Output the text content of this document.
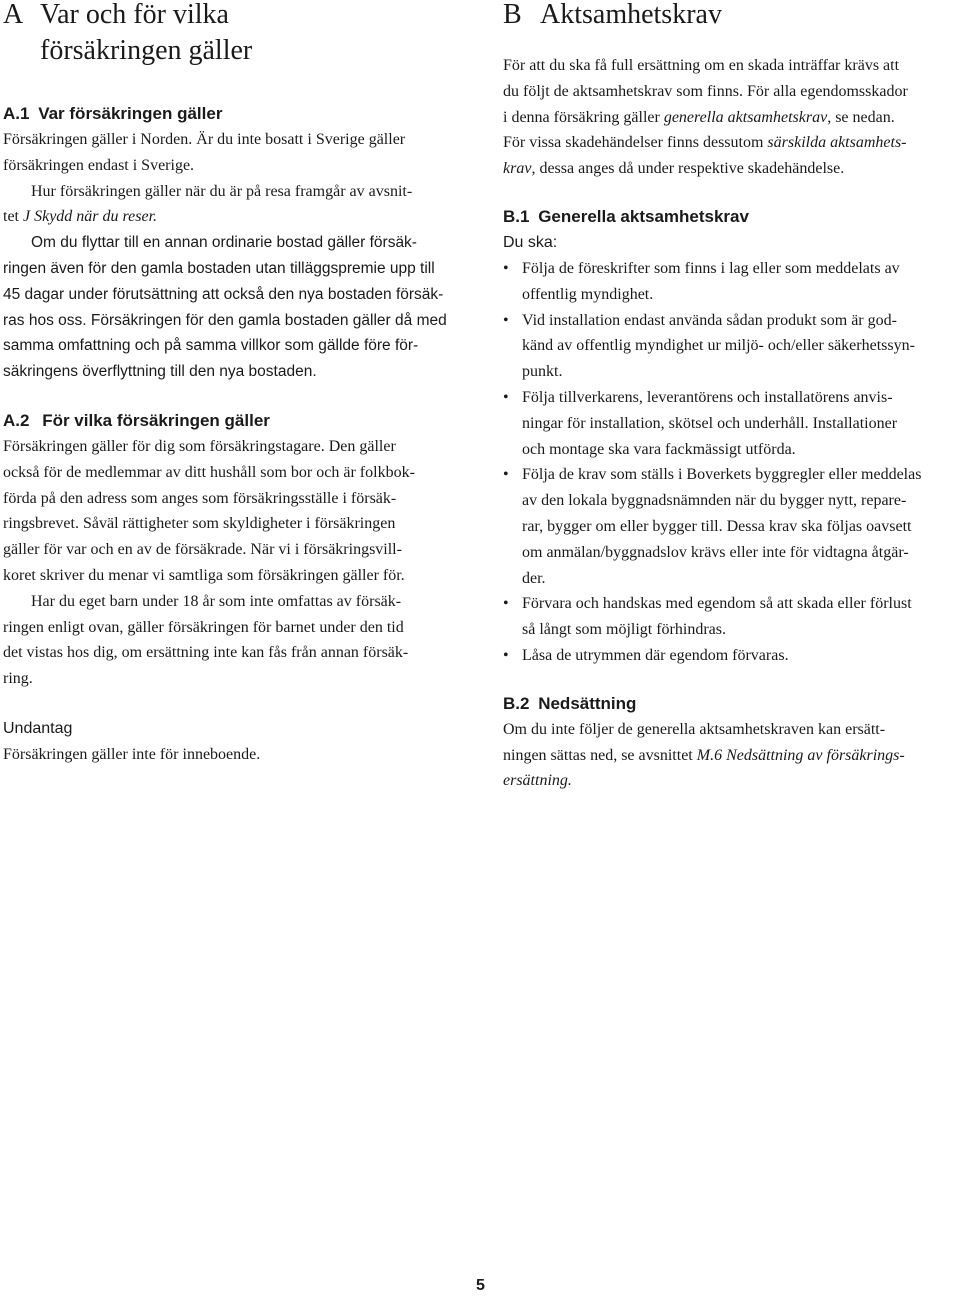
A Var och för vilka
försäkringen gäller
A.1 Var försäkringen gäller

Försäkringen gäller i Norden. Är du inte bosatt i Sverige gäller

försäkringen endast i Sverige.

Hur försäkringen gäller när du är på resa framgår av avsnit-

tet J Skydd när du reser.

Om du flyttar till en annan ordinarie bostad gäller försäk-

ringen även för den gamla bostaden utan tilläggspremie upp till

45 dagar under förutsättning att också den nya bostaden försäk-

ras hos oss. Försäkringen för den gamla bostaden gäller då med

samma omfattning och på samma villkor som gällde före för-

säkringens överflyttning till den nya bostaden.

A.2 För vilka försäkringen gäller

Försäkringen gäller för dig som försäkringstagare. Den gäller

också för de medlemmar av ditt hushåll som bor och är folkbok-

förda på den adress som anges som försäkringsställe i försäk-

ringsbrevet. Såväl rättigheter som skyldigheter i försäkringen

gäller för var och en av de försäkrade. När vi i försäkringsvill-

koret skriver du menar vi samtliga som försäkringen gäller för.

Har du eget barn under 18 år som inte omfattas av försäk-

ringen enligt ovan, gäller försäkringen för barnet under den tid

det vistas hos dig, om ersättning inte kan fås från annan försäk-

ring.

Undantag

Försäkringen gäller inte för inneboende.

B Aktsamhetskrav

För att du ska få full ersättning om en skada inträffar krävs att

du följt de aktsamhetskrav som finns. För alla egendomsskador

i denna försäkring gäller generella aktsamhetskrav, se nedan.

För vissa skadehändelser finns dessutom särskilda aktsamhets-

krav, dessa anges då under respektive skadehändelse.

B.1 Generella aktsamhetskrav
Du ska:
• Följa de föreskrifter som finns i lag eller som meddelats av
offentlig myndighet.
• Vid installation endast använda sådan produkt som är god-
känd av offentlig myndighet ur miljö- och/eller säkerhetssyn-
punkt.
• Följa tillverkarens, leverantörens och installatörens anvis-
ningar för installation, skötsel och underhåll. Installationer
och montage ska vara fackmässigt utförda.
• Följa de krav som ställs i Boverkets byggregler eller meddelas
av den lokala byggnadsnämnden när du bygger nytt, repare-
rar, bygger om eller bygger till. Dessa krav ska följas oavsett
om anmälan/byggnadslov krävs eller inte för vidtagna åtgär-
der.
• Förvara och handskas med egendom så att skada eller förlust
så långt som möjligt förhindras.
• Låsa de utrymmen där egendom förvaras.
B.2 Nedsättning

Om du inte följer de generella aktsamhetskraven kan ersätt-

ningen sättas ned, se avsnittet M.6 Nedsättning av försäkrings-

ersättning.

5
